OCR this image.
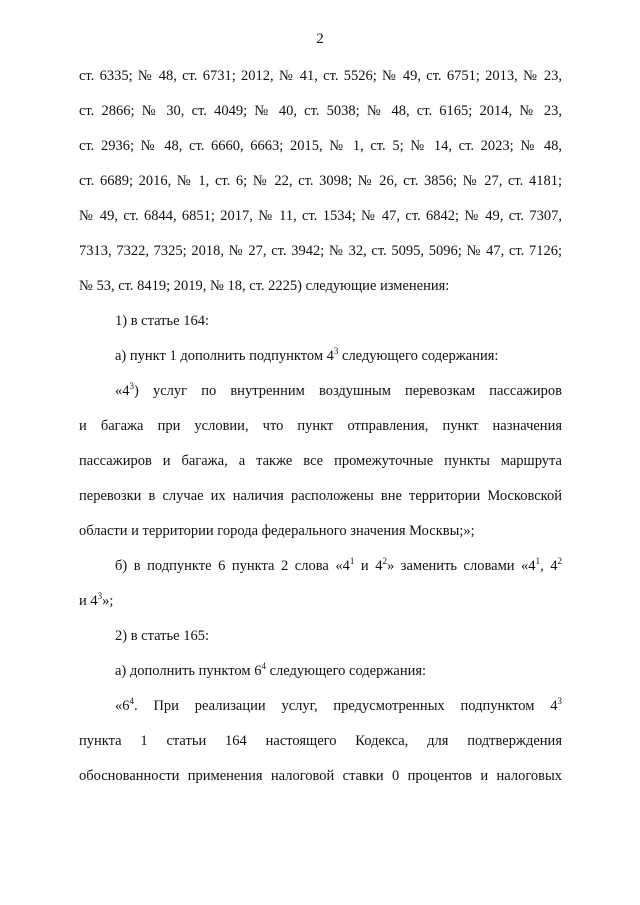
2
ст. 6335; № 48, ст. 6731; 2012, № 41, ст. 5526; № 49, ст. 6751; 2013, № 23,
ст. 2866; № 30, ст. 4049; № 40, ст. 5038; № 48, ст. 6165; 2014, № 23,
ст. 2936; № 48, ст. 6660, 6663; 2015, № 1, ст. 5; № 14, ст. 2023; № 48,
ст. 6689; 2016, № 1, ст. 6; № 22, ст. 3098; № 26, ст. 3856; № 27, ст. 4181;
№ 49, ст. 6844, 6851; 2017, № 11, ст. 1534; № 47, ст. 6842; № 49, ст. 7307,
7313, 7322, 7325; 2018, № 27, ст. 3942; № 32, ст. 5095, 5096; № 47, ст. 7126;
№ 53, ст. 8419; 2019, № 18, ст. 2225) следующие изменения:
1) в статье 164:
а) пункт 1 дополнить подпунктом $4^3$ следующего содержания:
«$4^3$) услуг по внутренним воздушным перевозкам пассажиров
и багажа при условии, что пункт отправления, пункт назначения
пассажиров и багажа, а также все промежуточные пункты маршрута
перевозки в случае их наличия расположены вне территории Московской
области и территории города федерального значения Москвы;»;
б) в подпункте 6 пункта 2 слова «$4^1$ и $4^2$» заменить словами «$4^1$, $4^2$
и $4^3$»;
2) в статье 165:
а) дополнить пунктом $6^4$ следующего содержания:
«$6^4$. При реализации услуг, предусмотренных подпунктом $4^3$
пункта 1 статьи 164 настоящего Кодекса, для подтверждения
обоснованности применения налоговой ставки 0 процентов и налоговых
